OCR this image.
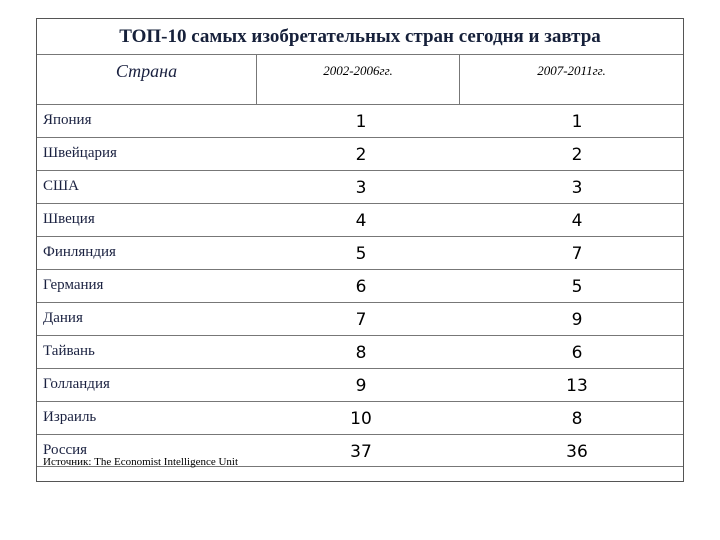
ТОП-10 самых изобретательных стран сегодня и завтра
Страна	2002-2006гг.	2007-2011гг.
Япония	1	1
Швейцария	2	2
США	3	3
Швеция	4	4
Финляндия	5	7
Германия	6	5
Дания	7	9
Тайвань	8	6
Голландия	9	13
Израиль	10	8
Россия	37	36
Источник: The Economist Intelligence Unit
